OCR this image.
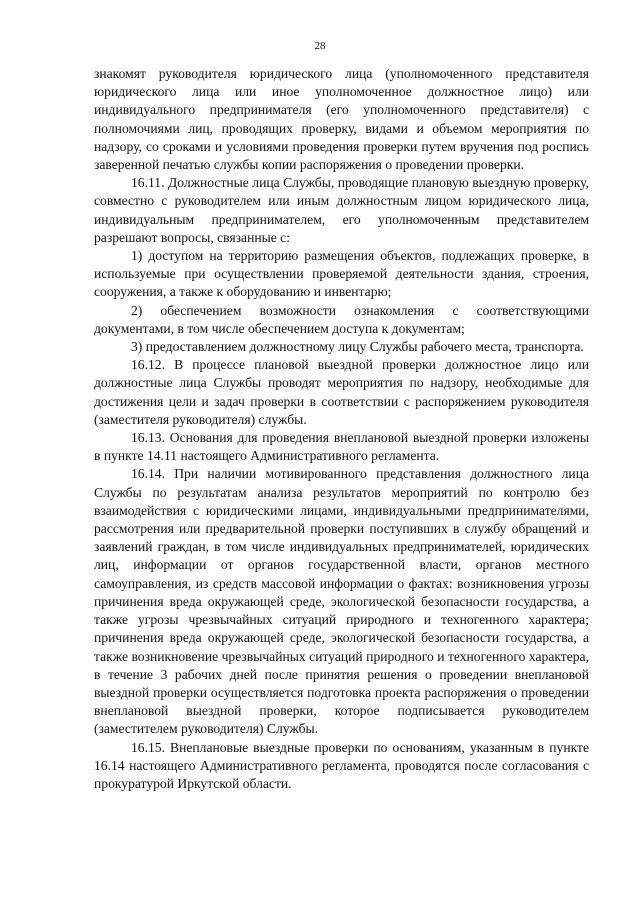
28

знакомят руководителя юридического лица (уполномоченного представителя юридического лица или иное уполномоченное должностное лицо) или индивидуального предпринимателя (его уполномоченного представителя) с полномочиями лиц, проводящих проверку, видами и объемом мероприятия по надзору, со сроками и условиями проведения проверки путем вручения под роспись заверенной печатью службы копии распоряжения о проведении проверки.

16.11. Должностные лица Службы, проводящие плановую выездную проверку, совместно с руководителем или иным должностным лицом юридического лица, индивидуальным предпринимателем, его уполномоченным представителем разрешают вопросы, связанные с:

1) доступом на территорию размещения объектов, подлежащих проверке, в используемые при осуществлении проверяемой деятельности здания, строения, сооружения, а также к оборудованию и инвентарю;

2) обеспечением возможности ознакомления с соответствующими документами, в том числе обеспечением доступа к документам;

3) предоставлением должностному лицу Службы рабочего места, транспорта.

16.12. В процессе плановой выездной проверки должностное лицо или должностные лица Службы проводят мероприятия по надзору, необходимые для достижения цели и задач проверки в соответствии с распоряжением руководителя (заместителя руководителя) службы.

16.13. Основания для проведения внеплановой выездной проверки изложены в пункте 14.11 настоящего Административного регламента.

16.14. При наличии мотивированного представления должностного лица Службы по результатам анализа результатов мероприятий по контролю без взаимодействия с юридическими лицами, индивидуальными предпринимателями, рассмотрения или предварительной проверки поступивших в службу обращений и заявлений граждан, в том числе индивидуальных предпринимателей, юридических лиц, информации от органов государственной власти, органов местного самоуправления, из средств массовой информации о фактах: возникновения угрозы причинения вреда окружающей среде, экологической безопасности государства, а также угрозы чрезвычайных ситуаций природного и техногенного характера; причинения вреда окружающей среде, экологической безопасности государства, а также возникновение чрезвычайных ситуаций природного и техногенного характера, в течение 3 рабочих дней после принятия решения о проведении внеплановой выездной проверки осуществляется подготовка проекта распоряжения о проведении внеплановой выездной проверки, которое подписывается руководителем (заместителем руководителя) Службы.

16.15. Внеплановые выездные проверки по основаниям, указанным в пункте 16.14 настоящего Административного регламента, проводятся после согласования с прокуратурой Иркутской области.
